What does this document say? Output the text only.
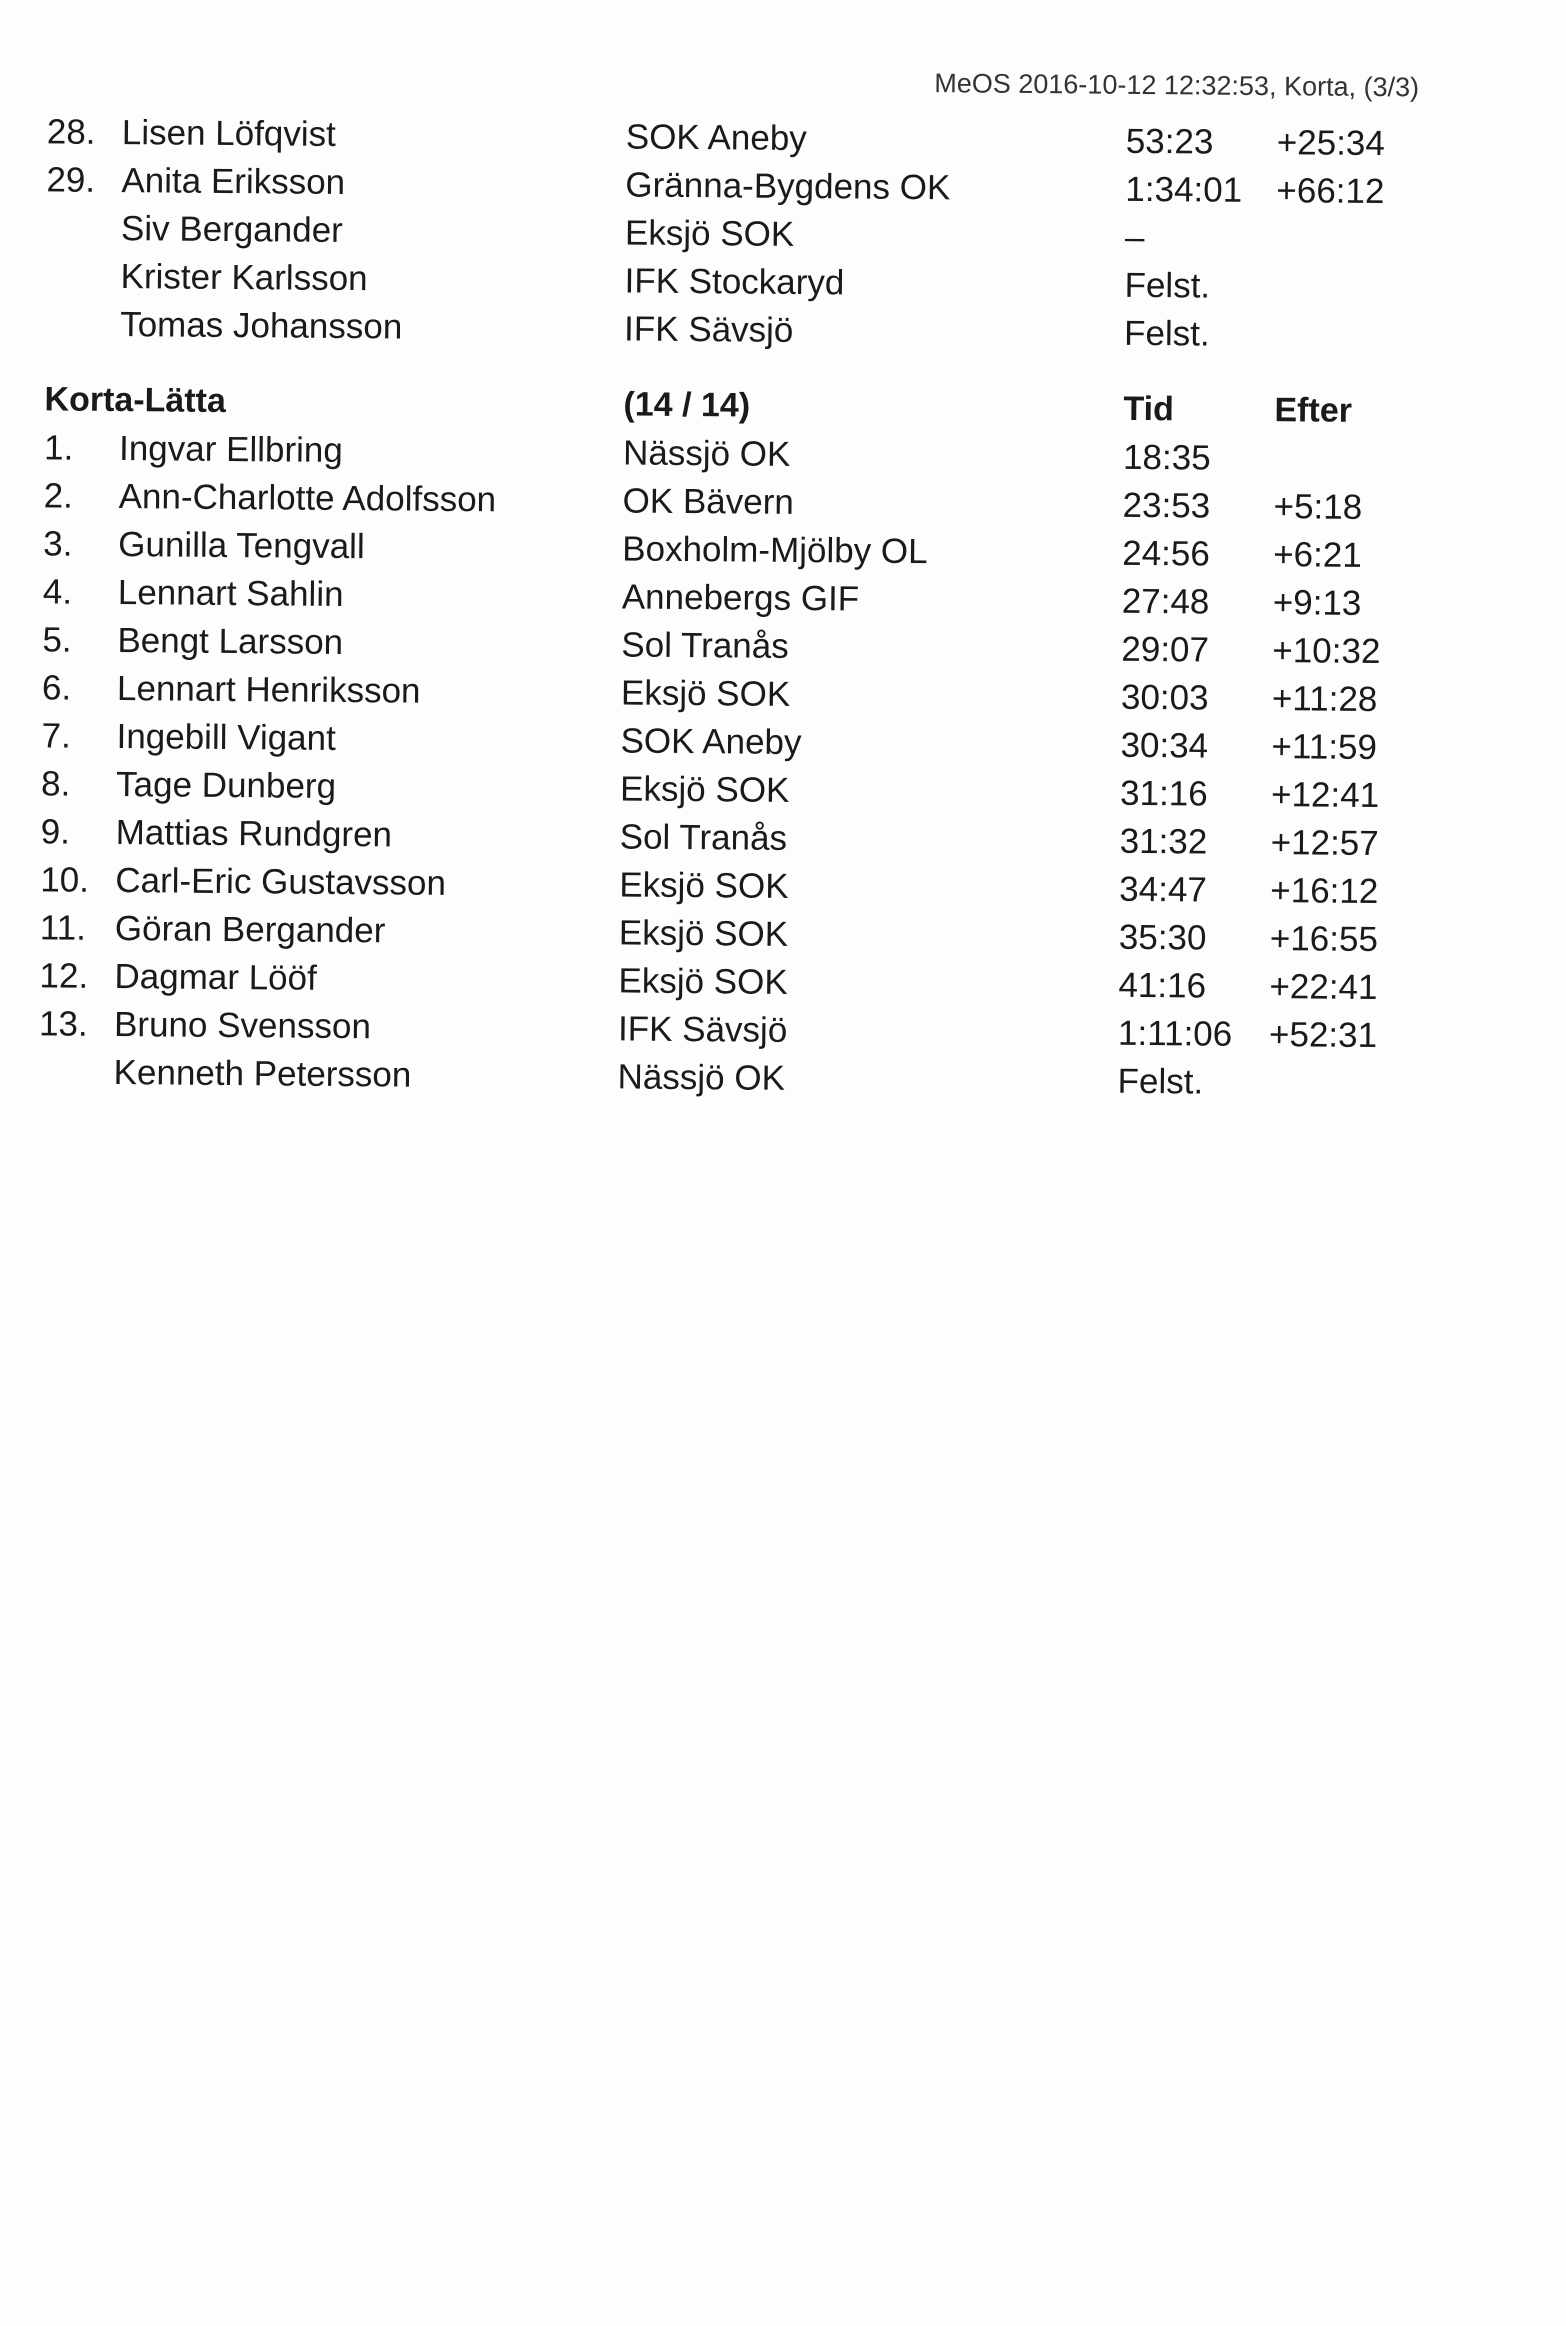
MeOS 2016-10-12 12:32:53, Korta, (3/3)
28. Lisen Löfqvist	SOK Aneby	53:23 +25:34
29. Anita Eriksson	Gränna-Bygdens OK	1:34:01 +66:12
Siv Bergander	Eksjö SOK	–
Krister Karlsson	IFK Stockaryd	Felst.
Tomas Johansson	IFK Sävsjö	Felst.
Korta-Lätta	(14 / 14)	Tid	Efter
1. Ingvar Ellbring	Nässjö OK	18:35
2. Ann-Charlotte Adolfsson	OK Bävern	23:53 +5:18
3. Gunilla Tengvall	Boxholm-Mjölby OL	24:56 +6:21
4. Lennart Sahlin	Annebergs GIF	27:48 +9:13
5. Bengt Larsson	Sol Tranås	29:07 +10:32
6. Lennart Henriksson	Eksjö SOK	30:03 +11:28
7. Ingebill Vigant	SOK Aneby	30:34 +11:59
8. Tage Dunberg	Eksjö SOK	31:16 +12:41
9. Mattias Rundgren	Sol Tranås	31:32 +12:57
10. Carl-Eric Gustavsson	Eksjö SOK	34:47 +16:12
11. Göran Bergander	Eksjö SOK	35:30 +16:55
12. Dagmar Lööf	Eksjö SOK	41:16 +22:41
13. Bruno Svensson	IFK Sävsjö	1:11:06 +52:31
Kenneth Petersson	Nässjö OK	Felst.
